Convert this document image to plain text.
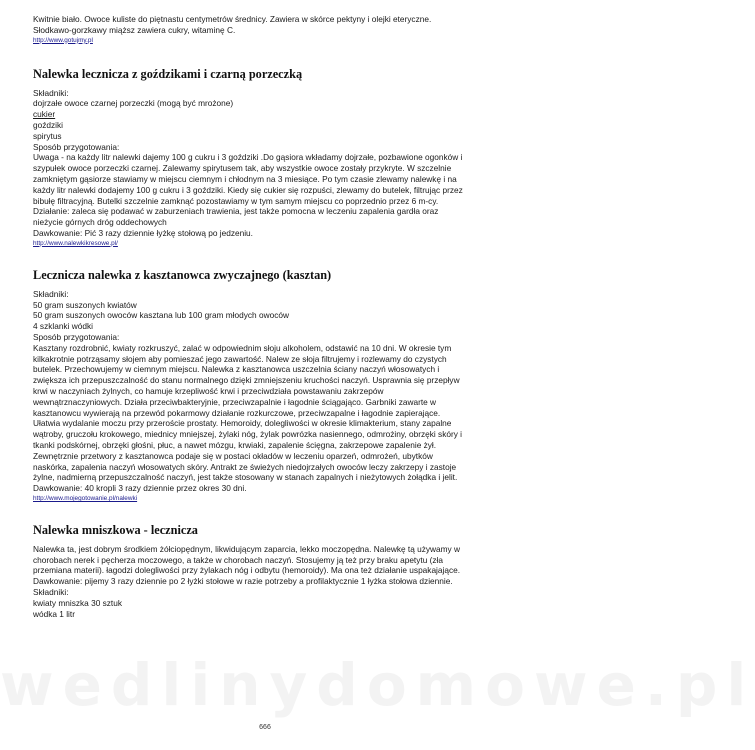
wedlinydomowe.pl

Kwitnie biało. Owoce kuliste do piętnastu centymetrów średnicy. Zawiera w skórce pektyny i olejki eteryczne.

Słodkawo-gorzkawy miąższ zawiera cukry, witaminę C.

http://www.gotujmy.pl

Nalewka lecznicza z goździkami i czarną porzeczką

Składniki:

dojrzałe owoce czarnej porzeczki (mogą być mrożone)

cukier

goździki

spirytus

Sposób przygotowania:

Uwaga - na każdy litr nalewki dajemy 100 g cukru i 3 goździki .Do gąsiora wkładamy dojrzałe, pozbawione ogonków i

szypułek owoce porzeczki czarnej. Zalewamy spirytusem tak, aby wszystkie owoce zostały przykryte. W szczelnie

zamkniętym gąsiorze stawiamy w miejscu ciemnym i chłodnym na 3 miesiące. Po tym czasie zlewamy nalewkę i na

każdy litr nalewki dodajemy 100 g cukru i 3 goździki. Kiedy się cukier się rozpuści, zlewamy do butelek, filtrując przez

bibułę filtracyjną. Butelki szczelnie zamknąć pozostawiamy w tym samym miejscu co poprzednio przez 6 m-cy.

Działanie: zaleca się podawać w zaburzeniach trawienia, jest także pomocna w leczeniu zapalenia gardła oraz

nieżycie górnych dróg oddechowych

Dawkowanie: Pić 3 razy dziennie łyżkę stołową po jedzeniu.

http://www.nalewkikresowe.pl/

Lecznicza nalewka z kasztanowca zwyczajnego (kasztan)

Składniki:

50 gram suszonych kwiatów

50 gram suszonych owoców kasztana lub 100 gram młodych owoców

4 szklanki wódki

Sposób przygotowania:

Kasztany rozdrobnić, kwiaty rozkruszyć, zalać w odpowiednim słoju alkoholem, odstawić na 10 dni. W okresie tym

kilkakrotnie potrząsamy słojem aby pomieszać jego zawartość. Nalew ze słoja filtrujemy i rozlewamy do czystych

butelek. Przechowujemy w ciemnym miejscu. Nalewka z kasztanowca uszczelnia ściany naczyń włosowatych i

zwiększa ich przepuszczalność do stanu normalnego dzięki zmniejszeniu kruchości naczyń. Usprawnia się przepływ

krwi w naczyniach żylnych, co hamuje krzepliwość krwi i przeciwdziała powstawaniu zakrzepów

wewnątrznaczyniowych. Działa przeciwbakteryjnie, przeciwzapalnie i łagodnie ściągająco. Garbniki zawarte w

kasztanowcu wywierają na przewód pokarmowy działanie rozkurczowe, przeciwzapalne i łagodnie zapierające.

Ułatwia wydalanie moczu przy przeroście prostaty. Hemoroidy, dolegliwości w okresie klimakterium, stany zapalne

wątroby, gruczołu krokowego, miednicy mniejszej, żylaki nóg, żylak powrózka nasiennego, odmrożiny, obrzęki skóry i

tkanki podskórnej, obrzęki głośni, płuc, a nawet mózgu, krwiaki, zapalenie ścięgna, zakrzepowe zapalenie żył.

Zewnętrznie przetwory z kasztanowca podaje się w postaci okładów w leczeniu oparzeń, odmrożeń, ubytków

naskórka, zapalenia naczyń włosowatych skóry. Antrakt ze świeżych niedojrzałych owoców leczy zakrzepy i zastoje

żylne, nadmierną przepuszczalność naczyń, jest także stosowany w stanach zapalnych i nieżytowych żołądka i jelit.

Dawkowanie: 40 kropli 3 razy dziennie przez okres 30 dni.

http://www.mojegotowanie.pl/nalewki

Nalewka mniszkowa - lecznicza

Nalewka ta, jest dobrym środkiem żółciopędnym, likwidującym zaparcia, lekko moczopędna. Nalewkę tą używamy w

chorobach nerek i pęcherza moczowego, a także w chorobach naczyń. Stosujemy ją też przy braku apetytu (zła

przemiana materii). łagodzi dolegliwości przy żylakach nóg i odbytu (hemoroidy). Ma ona też działanie uspakajające.

Dawkowanie: pijemy 3 razy dziennie po 2 łyżki stołowe w razie potrzeby a profilaktycznie 1 łyżka stołowa dziennie.

Składniki:

kwiaty mniszka 30 sztuk

wódka 1 litr

666
